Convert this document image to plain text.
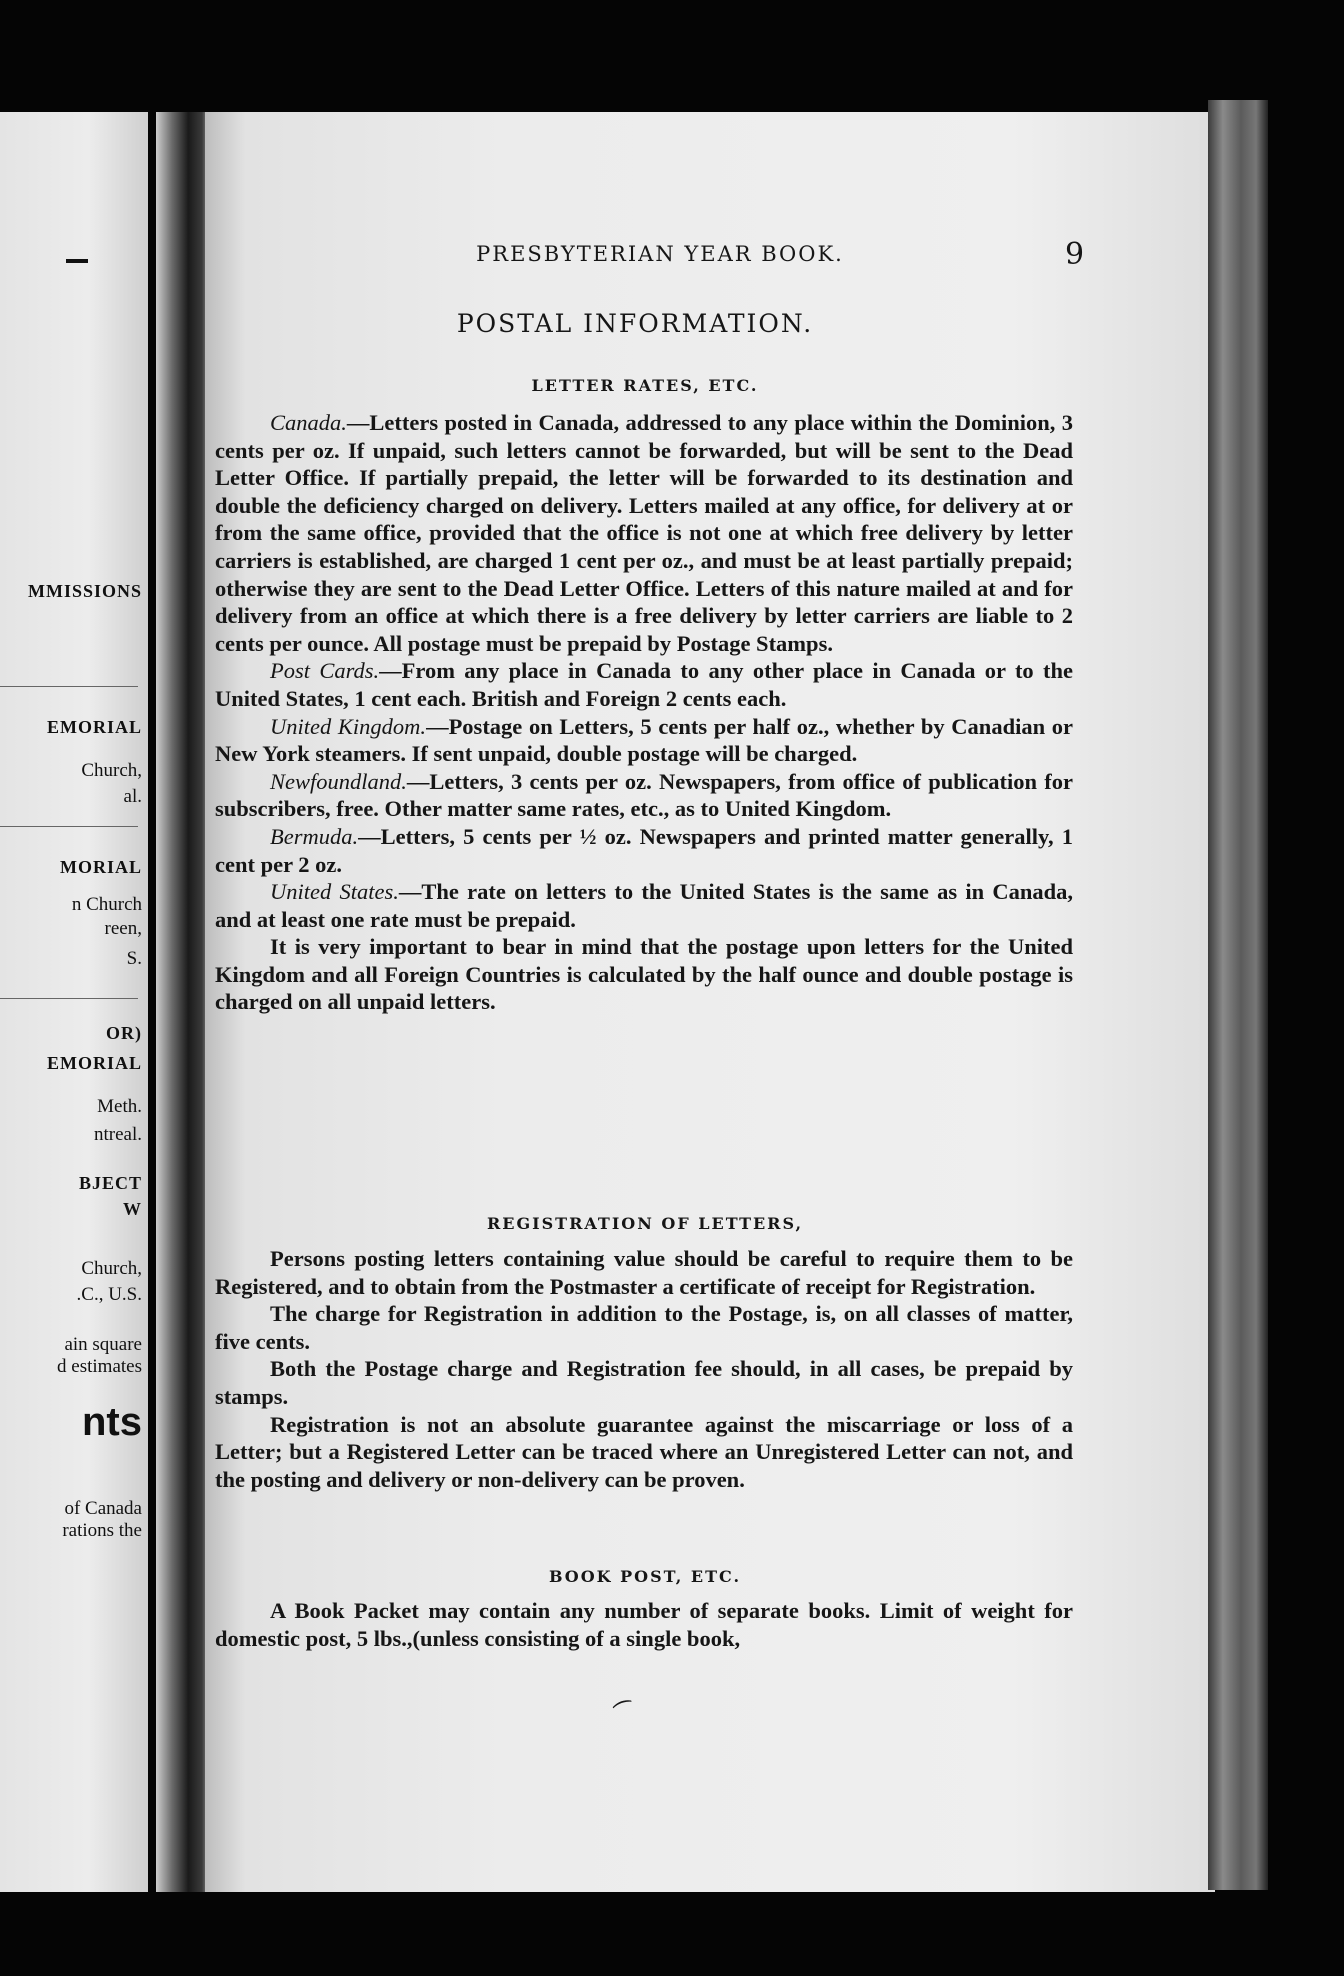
MMISSIONS
EMORIAL
Church,
al.
MORIAL
n Church
reen,
S.
OR)
EMORIAL
Meth.
ntreal.
BJECT
W
Church,
.C., U.S.
ain square
d estimates
nts
of Canada
rations the
PRESBYTERIAN YEAR BOOK.	9
POSTAL INFORMATION.
LETTER RATES, ETC.

Canada.—Letters posted in Canada, addressed to any place within the Dominion, 3 cents per oz. If unpaid, such letters cannot be forwarded, but will be sent to the Dead Letter Office. If partially prepaid, the letter will be forwarded to its destination and double the deficiency charged on delivery. Letters mailed at any office, for delivery at or from the same office, provided that the office is not one at which free delivery by letter carriers is established, are charged 1 cent per oz., and must be at least partially prepaid; otherwise they are sent to the Dead Letter Office. Letters of this nature mailed at and for delivery from an office at which there is a free delivery by letter carriers are liable to 2 cents per ounce. All postage must be prepaid by Postage Stamps.

Post Cards.—From any place in Canada to any other place in Canada or to the United States, 1 cent each. British and Foreign 2 cents each.

United Kingdom.—Postage on Letters, 5 cents per half oz., whether by Canadian or New York steamers. If sent unpaid, double postage will be charged.

Newfoundland.—Letters, 3 cents per oz. Newspapers, from office of publication for subscribers, free. Other matter same rates, etc., as to United Kingdom.

Bermuda.—Letters, 5 cents per ½ oz. Newspapers and printed matter generally, 1 cent per 2 oz.

United States.—The rate on letters to the United States is the same as in Canada, and at least one rate must be prepaid.

It is very important to bear in mind that the postage upon letters for the United Kingdom and all Foreign Countries is calculated by the half ounce and double postage is charged on all unpaid letters.

REGISTRATION OF LETTERS,

Persons posting letters containing value should be careful to require them to be Registered, and to obtain from the Postmaster a certificate of receipt for Registration.

The charge for Registration in addition to the Postage, is, on all classes of matter, five cents.

Both the Postage charge and Registration fee should, in all cases, be prepaid by stamps.

Registration is not an absolute guarantee against the miscarriage or loss of a Letter; but a Registered Letter can be traced where an Unregistered Letter can not, and the posting and delivery or non-delivery can be proven.

BOOK POST, ETC.

A Book Packet may contain any number of separate books. Limit of weight for domestic post, 5 lbs.,(unless consisting of a single book,

⁀
